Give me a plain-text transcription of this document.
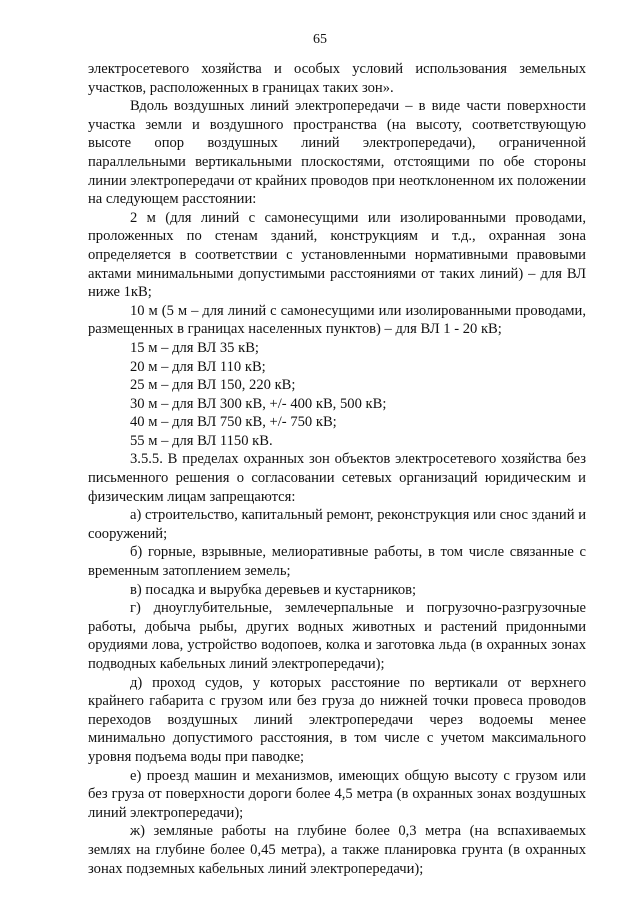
65

электросетевого хозяйства и особых условий использования земельных участков, расположенных в границах таких зон».

Вдоль воздушных линий электропередачи – в виде части поверхности участка земли и воздушного пространства (на высоту, соответствующую высоте опор воздушных линий электропередачи), ограниченной параллельными вертикальными плоскостями, отстоящими по обе стороны линии электропередачи от крайних проводов при неотклоненном их положении на следующем расстоянии:

2 м (для линий с самонесущими или изолированными проводами, проложенных по стенам зданий, конструкциям и т.д., охранная зона определяется в соответствии с установленными нормативными правовыми актами минимальными допустимыми расстояниями от таких линий) – для ВЛ ниже 1кВ;

10 м (5 м – для линий с самонесущими или изолированными проводами, размещенных в границах населенных пунктов) – для ВЛ 1 - 20 кВ;

15 м – для ВЛ 35 кВ;
20 м – для ВЛ 110 кВ;
25 м – для ВЛ 150, 220 кВ;
30 м – для ВЛ 300 кВ, +/- 400 кВ, 500 кВ;
40 м – для ВЛ 750 кВ, +/- 750 кВ;
55 м – для ВЛ 1150 кВ.

3.5.5. В пределах охранных зон объектов электросетевого хозяйства без письменного решения о согласовании сетевых организаций юридическим и физическим лицам запрещаются:

а) строительство, капитальный ремонт, реконструкция или снос зданий и сооружений;

б) горные, взрывные, мелиоративные работы, в том числе связанные с временным затоплением земель;

в) посадка и вырубка деревьев и кустарников;

г) дноуглубительные, землечерпальные и погрузочно-разгрузочные работы, добыча рыбы, других водных животных и растений придонными орудиями лова, устройство водопоев, колка и заготовка льда (в охранных зонах подводных кабельных линий электропередачи);

д) проход судов, у которых расстояние по вертикали от верхнего крайнего габарита с грузом или без груза до нижней точки провеса проводов переходов воздушных линий электропередачи через водоемы менее минимально допустимого расстояния, в том числе с учетом максимального уровня подъема воды при паводке;

е) проезд машин и механизмов, имеющих общую высоту с грузом или без груза от поверхности дороги более 4,5 метра (в охранных зонах воздушных линий электропередачи);

ж) земляные работы на глубине более 0,3 метра (на вспахиваемых землях на глубине более 0,45 метра), а также планировка грунта (в охранных зонах подземных кабельных линий электропередачи);
